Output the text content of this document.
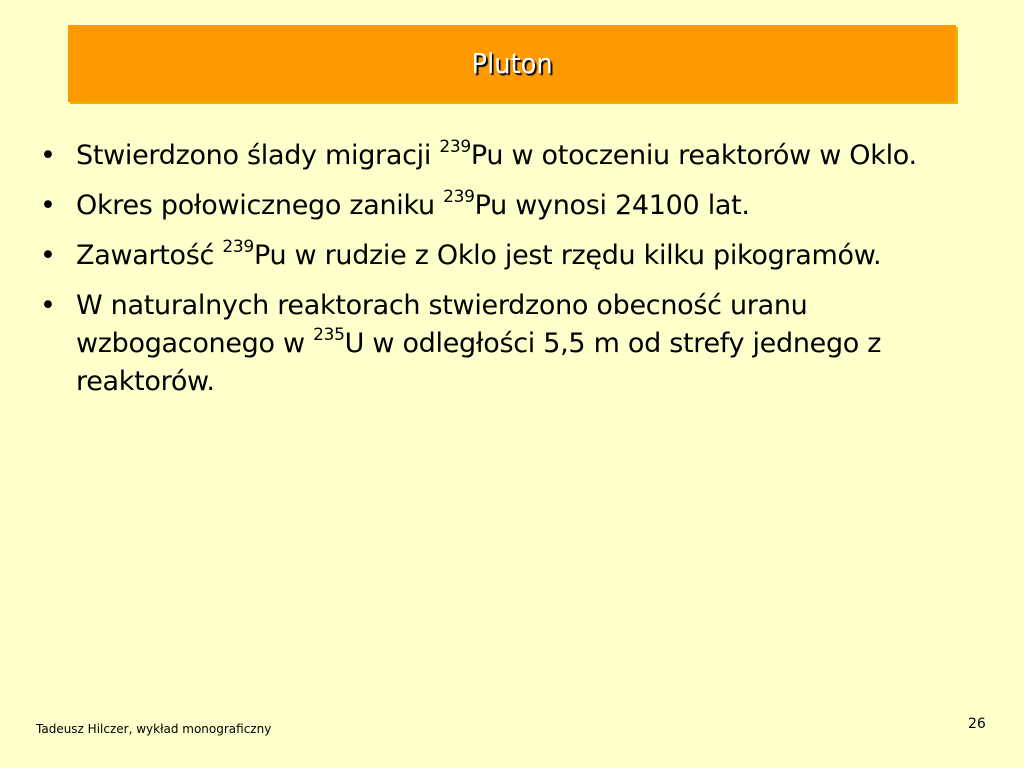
Pluton
• Stwierdzono ślady migracji $^{239}$Pu w otoczeniu reaktorów w Oklo.
• Okres połowicznego zaniku $^{239}$Pu wynosi 24100 lat.
• Zawartość $^{239}$Pu w rudzie z Oklo jest rzędu kilku pikogramów.
• W naturalnych reaktorach stwierdzono obecność uranu wzbogaconego w $^{235}$U w odległości 5,5 m od strefy jednego z reaktorów.
Tadeusz Hilczer, wykład monograficzny	26
